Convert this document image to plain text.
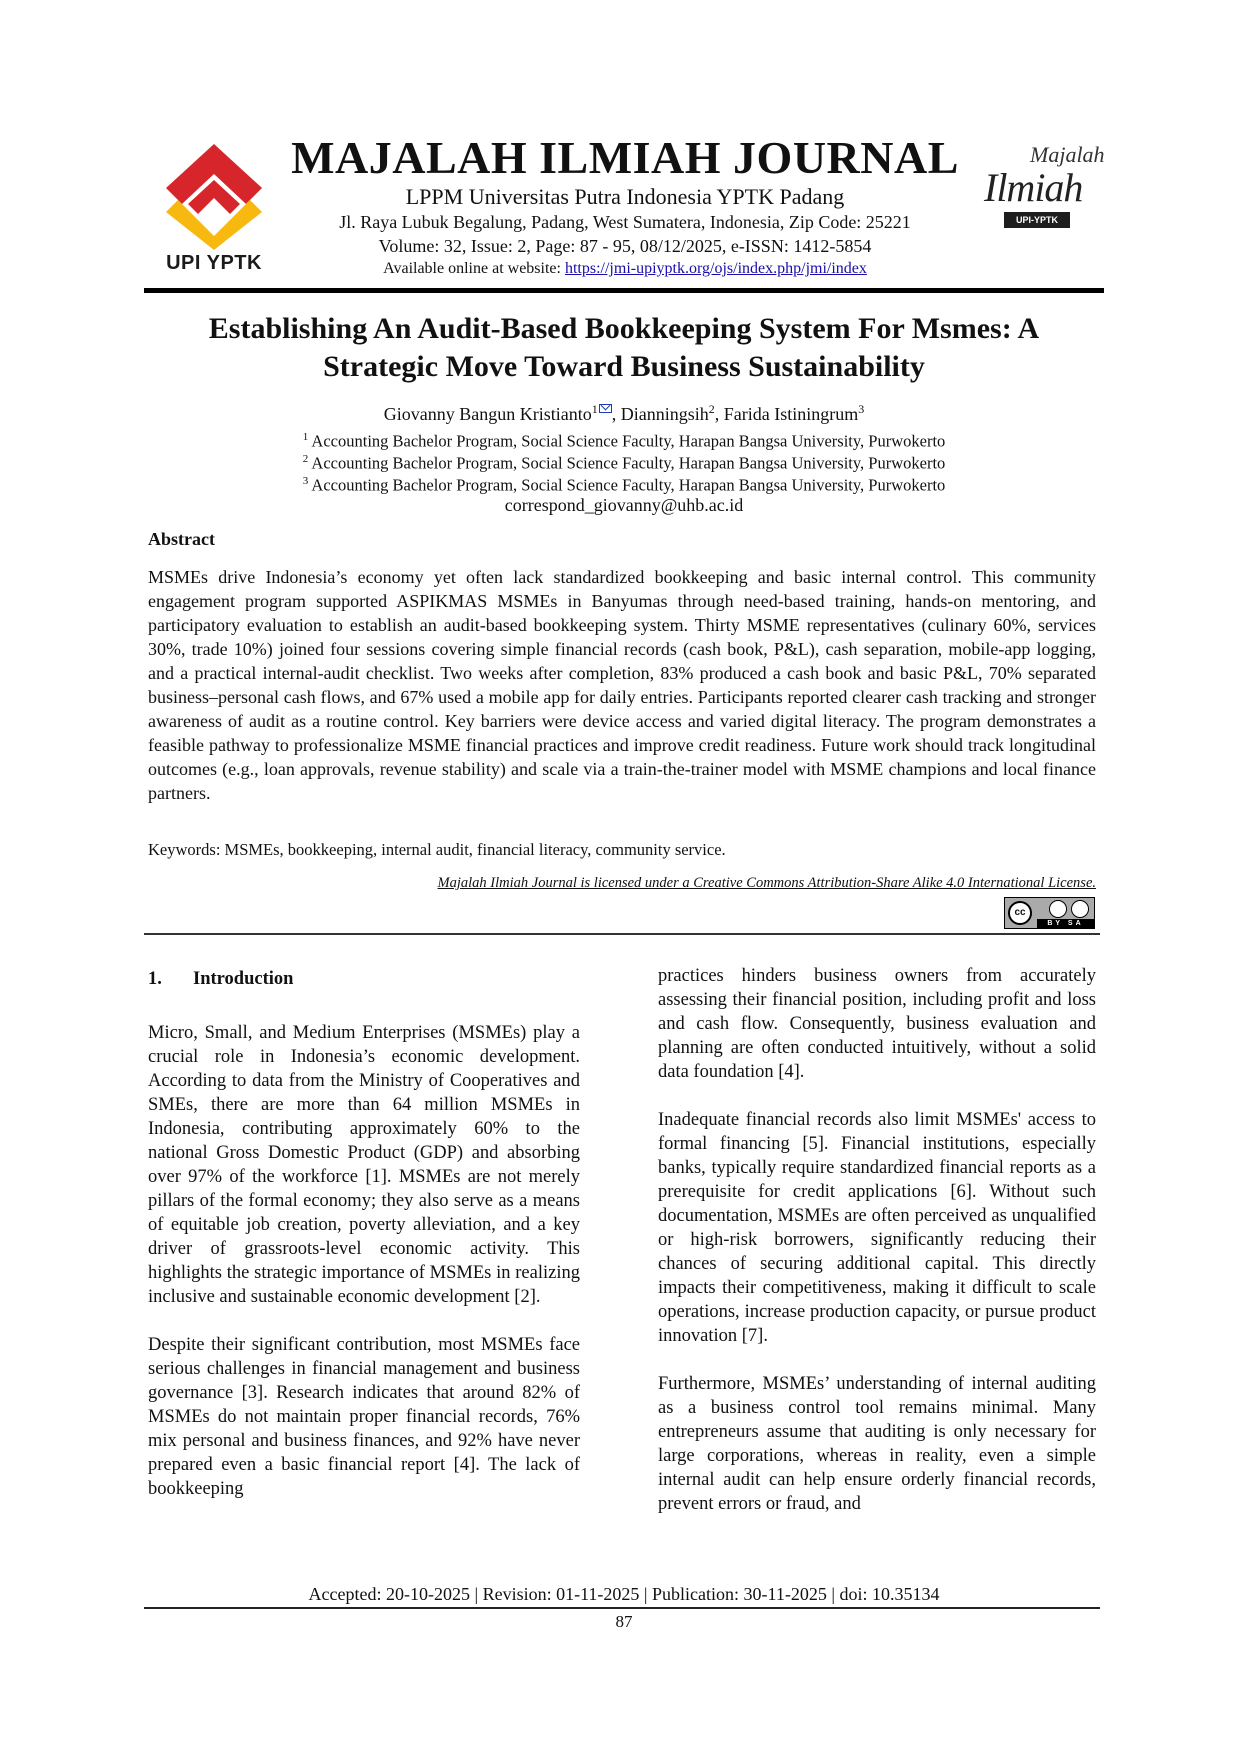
UPI YPTK
Majalah
Ilmiah
UPI-YPTK
MAJALAH ILMIAH JOURNAL
LPPM Universitas Putra Indonesia YPTK Padang
Jl. Raya Lubuk Begalung, Padang, West Sumatera, Indonesia, Zip Code: 25221
Volume: 32, Issue: 2, Page: 87 - 95, 08/12/2025, e-ISSN: 1412-5854
Available online at website: https://jmi-upiyptk.org/ojs/index.php/jmi/index
Establishing An Audit-Based Bookkeeping System For Msmes: A
Strategic Move Toward Business Sustainability
Giovanny Bangun Kristianto$^1$ , Dianningsih$^2$, Farida Istiningrum$^3$
$^1$ Accounting Bachelor Program, Social Science Faculty, Harapan Bangsa University, Purwokerto
$^2$ Accounting Bachelor Program, Social Science Faculty, Harapan Bangsa University, Purwokerto
$^3$ Accounting Bachelor Program, Social Science Faculty, Harapan Bangsa University, Purwokerto
correspond_giovanny@uhb.ac.id
Abstract
MSMEs drive Indonesia’s economy yet often lack standardized bookkeeping and basic internal control. This community engagement program supported ASPIKMAS MSMEs in Banyumas through need-based training, hands-on mentoring, and participatory evaluation to establish an audit-based bookkeeping system. Thirty MSME representatives (culinary 60%, services 30%, trade 10%) joined four sessions covering simple financial records (cash book, P&L), cash separation, mobile-app logging, and a practical internal-audit checklist. Two weeks after completion, 83% produced a cash book and basic P&L, 70% separated business–personal cash flows, and 67% used a mobile app for daily entries. Participants reported clearer cash tracking and stronger awareness of audit as a routine control. Key barriers were device access and varied digital literacy. The program demonstrates a feasible pathway to professionalize MSME financial practices and improve credit readiness. Future work should track longitudinal outcomes (e.g., loan approvals, revenue stability) and scale via a train-the-trainer model with MSME champions and local finance partners.
Keywords: MSMEs, bookkeeping, internal audit, financial literacy, community service.
Majalah Ilmiah Journal is licensed under a Creative Commons Attribution-Share Alike 4.0 International License.
cc
BY SA
1. Introduction

Micro, Small, and Medium Enterprises (MSMEs) play a crucial role in Indonesia’s economic development. According to data from the Ministry of Cooperatives and SMEs, there are more than 64 million MSMEs in Indonesia, contributing approximately 60% to the national Gross Domestic Product (GDP) and absorbing over 97% of the workforce [1]. MSMEs are not merely pillars of the formal economy; they also serve as a means of equitable job creation, poverty alleviation, and a key driver of grassroots-level economic activity. This highlights the strategic importance of MSMEs in realizing inclusive and sustainable economic development [2].

Despite their significant contribution, most MSMEs face serious challenges in financial management and business governance [3]. Research indicates that around 82% of MSMEs do not maintain proper financial records, 76% mix personal and business finances, and 92% have never prepared even a basic financial report [4]. The lack of bookkeeping

practices hinders business owners from accurately assessing their financial position, including profit and loss and cash flow. Consequently, business evaluation and planning are often conducted intuitively, without a solid data foundation [4].

Inadequate financial records also limit MSMEs' access to formal financing [5]. Financial institutions, especially banks, typically require standardized financial reports as a prerequisite for credit applications [6]. Without such documentation, MSMEs are often perceived as unqualified or high-risk borrowers, significantly reducing their chances of securing additional capital. This directly impacts their competitiveness, making it difficult to scale operations, increase production capacity, or pursue product innovation [7].

Furthermore, MSMEs’ understanding of internal auditing as a business control tool remains minimal. Many entrepreneurs assume that auditing is only necessary for large corporations, whereas in reality, even a simple internal audit can help ensure orderly financial records, prevent errors or fraud, and

Accepted: 20-10-2025 | Revision: 01-11-2025 | Publication: 30-11-2025 | doi: 10.35134
87
